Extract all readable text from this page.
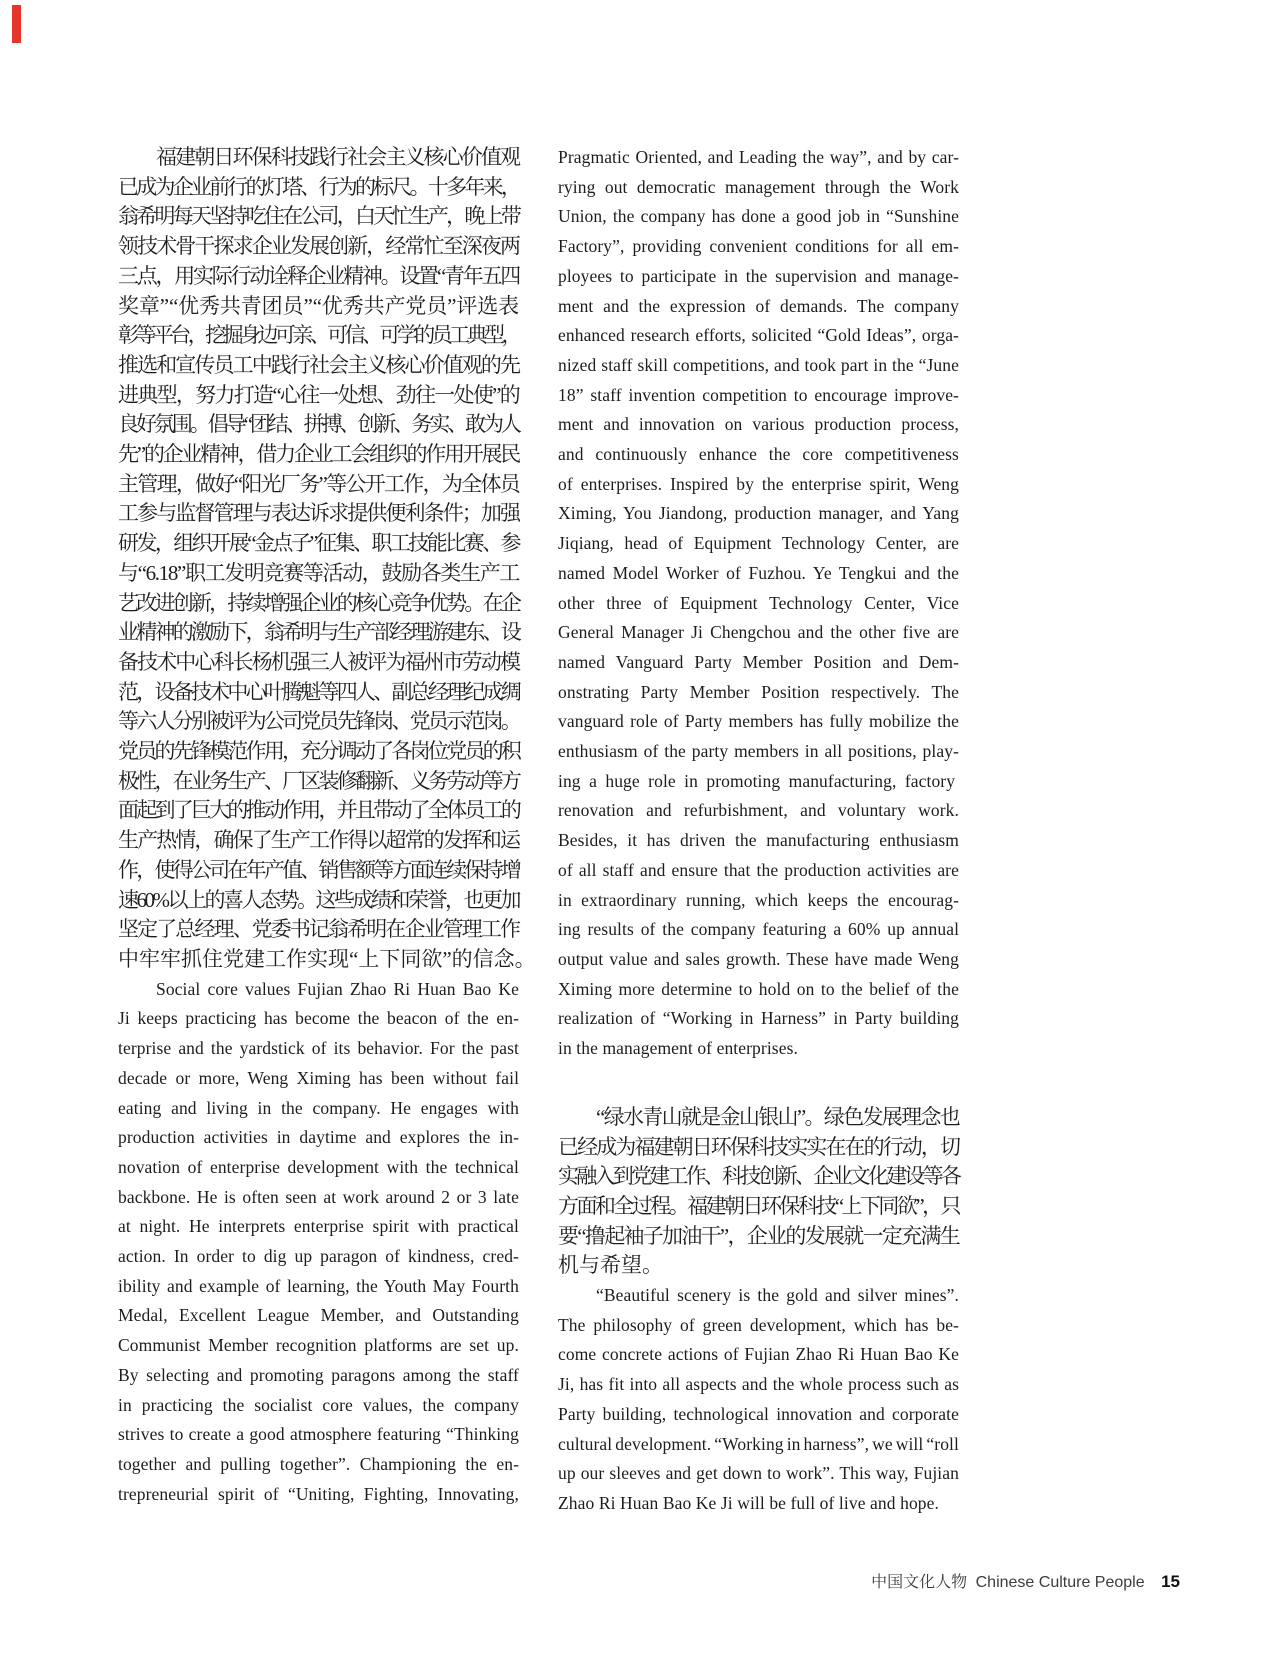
福建朝日环保科技践行社会主义核心价值观
已成为企业前行的灯塔、行为的标尺。十多年来，
翁希明每天坚持吃住在公司，白天忙生产，晚上带
领技术骨干探求企业发展创新，经常忙至深夜两
三点，用实际行动诠释企业精神。设置“青年五四
奖章”“优秀共青团员”“优秀共产党员”评选表
彰等平台，挖掘身边可亲、可信、可学的员工典型，
推选和宣传员工中践行社会主义核心价值观的先
进典型，努力打造“心往一处想、劲往一处使”的
良好氛围。倡导“团结、拼搏、创新、务实、敢为人
先”的企业精神，借力企业工会组织的作用开展民
主管理，做好“阳光厂务”等公开工作，为全体员
工参与监督管理与表达诉求提供便利条件；加强
研发，组织开展“金点子”征集、职工技能比赛、参
与“6.18”职工发明竞赛等活动，鼓励各类生产工
艺改进创新，持续增强企业的核心竞争优势。在企
业精神的激励下，翁希明与生产部经理游建东、设
备技术中心科长杨机强三人被评为福州市劳动模
范，设备技术中心叶腾魁等四人、副总经理纪成绸
等六人分别被评为公司党员先锋岗、党员示范岗。
党员的先锋模范作用，充分调动了各岗位党员的积
极性，在业务生产、厂区装修翻新、义务劳动等方
面起到了巨大的推动作用，并且带动了全体员工的
生产热情，确保了生产工作得以超常的发挥和运
作，使得公司在年产值、销售额等方面连续保持增
速60%以上的喜人态势。这些成绩和荣誉，也更加
坚定了总经理、党委书记翁希明在企业管理工作
中牢牢抓住党建工作实现“上下同欲”的信念。
Social core values Fujian Zhao Ri Huan Bao Ke
Ji keeps practicing has become the beacon of the en-
terprise and the yardstick of its behavior. For the past
decade or more, Weng Ximing has been without fail
eating and living in the company. He engages with
production activities in daytime and explores the in-
novation of enterprise development with the technical
backbone. He is often seen at work around 2 or 3 late
at night. He interprets enterprise spirit with practical
action. In order to dig up paragon of kindness, cred-
ibility and example of learning, the Youth May Fourth
Medal, Excellent League Member, and Outstanding
Communist Member recognition platforms are set up.
By selecting and promoting paragons among the staff
in practicing the socialist core values, the company
strives to create a good atmosphere featuring “Thinking
together and pulling together”. Championing the en-
trepreneurial spirit of “Uniting, Fighting, Innovating,
Pragmatic Oriented, and Leading the way”, and by car-
rying out democratic management through the Work
Union, the company has done a good job in “Sunshine
Factory”, providing convenient conditions for all em-
ployees to participate in the supervision and manage-
ment and the expression of demands. The company
enhanced research efforts, solicited “Gold Ideas”, orga-
nized staff skill competitions, and took part in the “June
18” staff invention competition to encourage improve-
ment and innovation on various production process,
and continuously enhance the core competitiveness
of enterprises. Inspired by the enterprise spirit, Weng
Ximing, You Jiandong, production manager, and Yang
Jiqiang, head of Equipment Technology Center, are
named Model Worker of Fuzhou. Ye Tengkui and the
other three of Equipment Technology Center, Vice
General Manager Ji Chengchou and the other five are
named Vanguard Party Member Position and Dem-
onstrating Party Member Position respectively. The
vanguard role of Party members has fully mobilize the
enthusiasm of the party members in all positions, play-
ing a huge role in promoting manufacturing, factory
renovation and refurbishment, and voluntary work.
Besides, it has driven the manufacturing enthusiasm
of all staff and ensure that the production activities are
in extraordinary running, which keeps the encourag-
ing results of the company featuring a 60% up annual
output value and sales growth. These have made Weng
Ximing more determine to hold on to the belief of the
realization of “Working in Harness” in Party building
in the management of enterprises.
“绿水青山就是金山银山”。绿色发展理念也
已经成为福建朝日环保科技实实在在的行动，切
实融入到党建工作、科技创新、企业文化建设等各
方面和全过程。福建朝日环保科技“上下同欲”，只
要“撸起袖子加油干”，企业的发展就一定充满生
机与希望。
“Beautiful scenery is the gold and silver mines”.
The philosophy of green development, which has be-
come concrete actions of Fujian Zhao Ri Huan Bao Ke
Ji, has fit into all aspects and the whole process such as
Party building, technological innovation and corporate
cultural development. “Working in harness”, we will “roll
up our sleeves and get down to work”. This way, Fujian
Zhao Ri Huan Bao Ke Ji will be full of live and hope.
中国文化人物 Chinese Culture People 15
